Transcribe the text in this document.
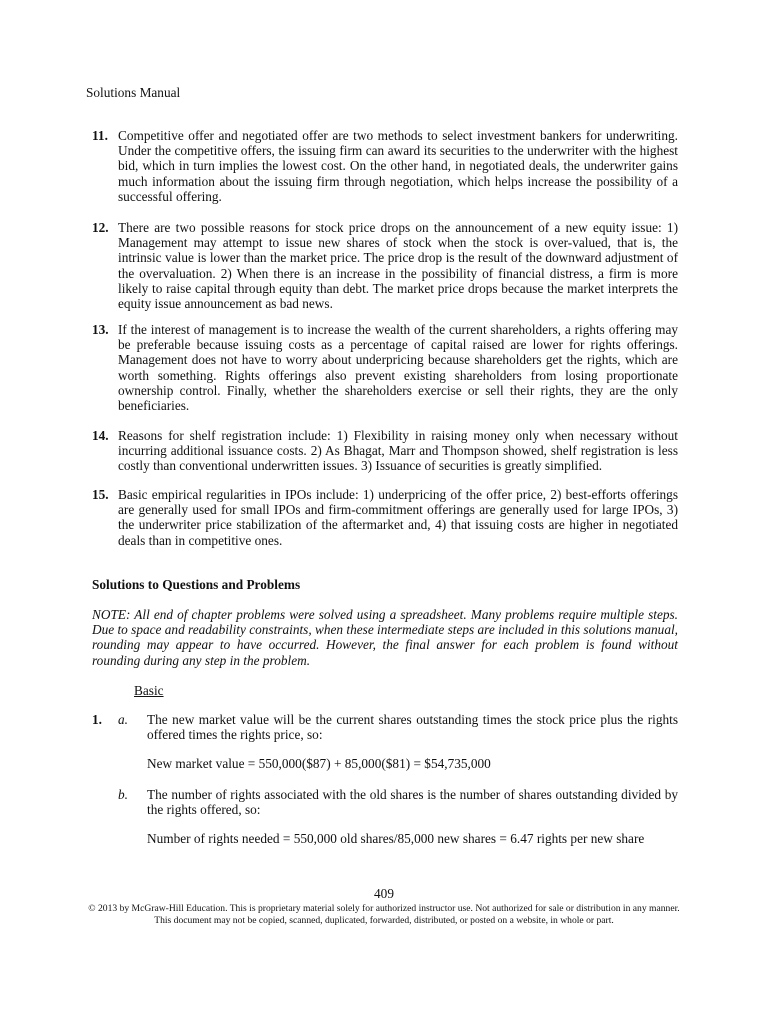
Solutions Manual
11. Competitive offer and negotiated offer are two methods to select investment bankers for underwriting. Under the competitive offers, the issuing firm can award its securities to the underwriter with the highest bid, which in turn implies the lowest cost. On the other hand, in negotiated deals, the underwriter gains much information about the issuing firm through negotiation, which helps increase the possibility of a successful offering.
12. There are two possible reasons for stock price drops on the announcement of a new equity issue: 1) Management may attempt to issue new shares of stock when the stock is over-valued, that is, the intrinsic value is lower than the market price. The price drop is the result of the downward adjustment of the overvaluation. 2) When there is an increase in the possibility of financial distress, a firm is more likely to raise capital through equity than debt. The market price drops because the market interprets the equity issue announcement as bad news.
13. If the interest of management is to increase the wealth of the current shareholders, a rights offering may be preferable because issuing costs as a percentage of capital raised are lower for rights offerings. Management does not have to worry about underpricing because shareholders get the rights, which are worth something. Rights offerings also prevent existing shareholders from losing proportionate ownership control. Finally, whether the shareholders exercise or sell their rights, they are the only beneficiaries.
14. Reasons for shelf registration include: 1) Flexibility in raising money only when necessary without incurring additional issuance costs. 2) As Bhagat, Marr and Thompson showed, shelf registration is less costly than conventional underwritten issues. 3) Issuance of securities is greatly simplified.
15. Basic empirical regularities in IPOs include: 1) underpricing of the offer price, 2) best-efforts offerings are generally used for small IPOs and firm-commitment offerings are generally used for large IPOs, 3) the underwriter price stabilization of the aftermarket and, 4) that issuing costs are higher in negotiated deals than in competitive ones.
Solutions to Questions and Problems
NOTE: All end of chapter problems were solved using a spreadsheet. Many problems require multiple steps. Due to space and readability constraints, when these intermediate steps are included in this solutions manual, rounding may appear to have occurred. However, the final answer for each problem is found without rounding during any step in the problem.
Basic
1. a. The new market value will be the current shares outstanding times the stock price plus the rights offered times the rights price, so:
New market value = 550,000($87) + 85,000($81) = $54,735,000
b. The number of rights associated with the old shares is the number of shares outstanding divided by the rights offered, so:
Number of rights needed = 550,000 old shares/85,000 new shares = 6.47 rights per new share
409
© 2013 by McGraw-Hill Education. This is proprietary material solely for authorized instructor use. Not authorized for sale or distribution in any manner. This document may not be copied, scanned, duplicated, forwarded, distributed, or posted on a website, in whole or part.
